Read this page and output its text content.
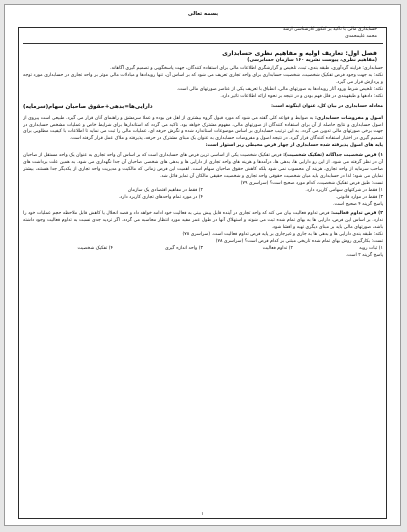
بسمه تعالی

حسابداری مالی با تاکید بر کنکور کارشناسی ارشد

محمد علیمحمدی

فصل اول: تعاریف اولیه و مفاهیم نظری حسابداری

(مفاهیم نظری، پیوست نشریه ۱۶۰ سازمان حسابرسی)

حسابداری: فرایند گردآوری، طبقه بندی، ثبت، تلخیص و گزارشگری اطلاعات مالی برای استفاده کنندگان، جهت پاسخگویی و تصمیم گیری آگاهانه.

نکته: به جهت وجود فرض تفکیک شخصیت، شخصیت حسابداری برای واحد تجاری تعریف می شود که بر اساس آن، تنها رویدادها و مبادلات مالی موثر بر واحد تجاری در حسابداری مورد توجه و پردازش قرار می گیرد.

نکته: تلخیص شرط ورود آثار رویدادها به صورتهای مالی، انطباق با تعریف یکی از عناصر صورتهای مالی است.

نکته: دادهها و طبقهبندی در قلل فهم بودن و در نتیجه بر نحوه ارائه اطلاعات تاثیر دارد.

معادله حسابداری در بیان کل، عنوان اینگونه است:
دارایی‌ها=بدهی+حقوق صاحبان سهام(سرمایه)

اصول و مفروضات حسابداری: به ضوابط و قواعد کلی گفته می شود که مورد قبول گروه بیشتری از اهل فن بوده و عملا سرمشق و راهنمای آنان قرار می گیرد. طبیعی است پیروی از اصول حسابداری و نتایج حاصله از آن برای استفاده کنندگان از صورتهای مالی، مفهوم مشترک خواهد بود. تاکید می گردد که استاندارها برای شرایط خاص و عملیات مشخص حسابداری در جهت برخی صورتهای مالی تدوین می گردد. به این ترتیب حسابداری بر اساس موضوعات استاندارد شده و نگرش حرفه ای، عملیات مالی را ثبت می نماید تا اطلاعات با کیفیت مطلوبی برای تصمیم گیری در اختیار استفاده کنندگان قرار گیرد. در نتیجه اصول و مفروضات حسابداری به عنوان یک مبنای مشترک در حرفه، پذیرفته و ملاک عمل قرار گرفته است.

پایه های اصول پذیرفته شده حسابداری از چهار فرض محیطی زیر استوار است:

۱) فرض شخصیت جداگانه (تفکیک شخصیت): فرض تفکیک شخصیت یکی از اساسی ترین فرض های حسابداری است که بر اساس آن واحد تجاری به عنوان یک واحد مستقل از صاحبان آن در نظر گرفته می شود. از این رو دارایی ها، بدهی ها، درآمدها و هزینه های واحد تجاری از دارایی ها و بدهی های شخصی صاحبان آن جدا نگهداری می شود. به همین علت برداشت های صاحب سرمایه از واحد تجاری، هزینه آن محسوب نمی شود بلکه کاهش حقوق صاحبان سهام است. اهمیت این فرض زمانی که مالکیت و مدیریت واحد تجاری از یکدیگر جدا هستند، بیشتر نمایان می شود؛ لذا در حسابداری باید میان شخصیت حقوقی واحد تجاری و شخصیت حقیقی مالکان آن تمایز قائل شد.

تست: طبق فرض تفکیک شخصیت، کدام مورد صحیح است؟ (سراسری ۷۹)

۱) فقط در شرکتهای سهامی کاربرد دارد.
۲) فقط در مفاهیم اقتصادی یک سازمان
۳) فقط در موارد قانونی.
۴) در مورد تمام واحدهای تجاری کاربرد دارد.

پاسخ گزینه ۴ صحیح است.

۲) فرض تداوم فعالیت: فرض تداوم فعالیت بیان می کند که واحد تجاری در آینده قابل پیش بینی به فعالیت خود ادامه خواهد داد و قصد انحلال یا کاهش قابل ملاحظه حجم عملیات خود را ندارد. بر اساس این فرض، دارایی ها به بهای تمام شده ثبت می شوند و استهلاک آنها در طول عمر مفید مورد انتظار محاسبه می گردد. اگر تردید جدی نسبت به تداوم فعالیت وجود داشته باشد، صورتهای مالی باید بر مبنای دیگری تهیه و افشا شود.

نکته: طبقه بندی دارایی ها و بدهی ها به جاری و غیرجاری بر پایه فرض تداوم فعالیت است. (سراسری ۷۸)

تست: بکارگیری روش بهای تمام شده تاریخی مبتنی بر کدام فرض است؟ (سراسری ۷۸)

۱) ثبات رویه
۲) تداوم فعالیت
۳) واحد اندازه گیری
۴) تفکیک شخصیت

پاسخ گزینه ۲ است.

۱
